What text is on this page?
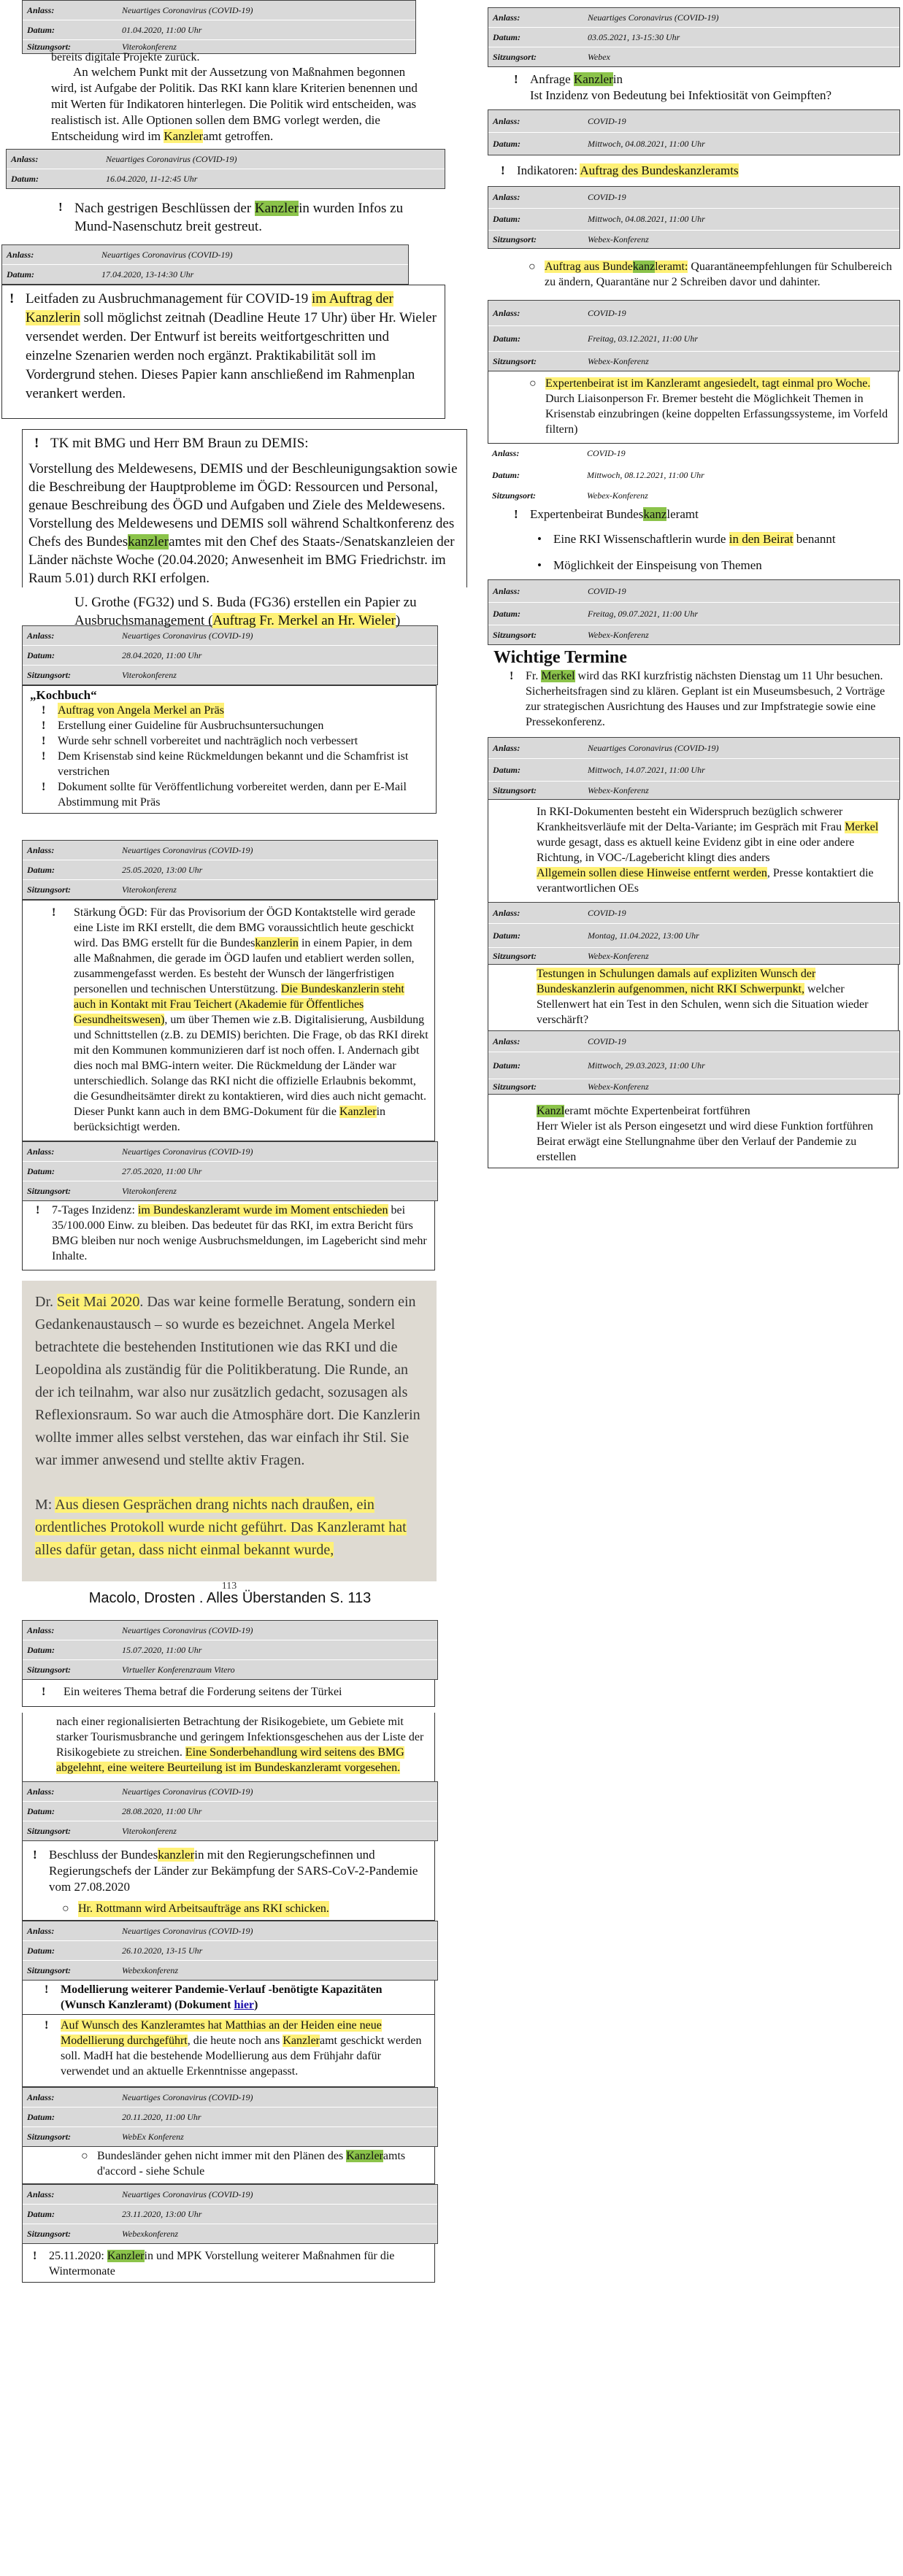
Anlass:	Neuartiges Coronavirus (COVID-19)
Datum:	01.04.2020, 11:00 Uhr
Sitzungsort:	Viterokonferenz
bereits digitale Projekte zurück.
An welchem Punkt mit der Aussetzung von Maßnahmen begonnen wird, ist Aufgabe der Politik. Das RKI kann klare Kriterien benennen und mit Werten für Indikatoren hinterlegen. Die Politik wird entscheiden, was realistisch ist. Alle Optionen sollen dem BMG vorlegt werden, die Entscheidung wird im Kanzleramt getroffen.
Anlass:	Neuartiges Coronavirus (COVID-19)
Datum:	16.04.2020, 11-12:45 Uhr
! Nach gestrigen Beschlüssen der Kanzlerin wurden Infos zu Mund-Nasenschutz breit gestreut.
Anlass:	Neuartiges Coronavirus (COVID-19)
Datum:	17.04.2020, 13-14:30 Uhr
! Leitfaden zu Ausbruchmanagement für COVID-19 im Auftrag der Kanzlerin soll möglichst zeitnah (Deadline Heute 17 Uhr) über Hr. Wieler versendet werden. Der Entwurf ist bereits weitfortgeschritten und einzelne Szenarien werden noch ergänzt. Praktikabilität soll im Vordergrund stehen. Dieses Papier kann anschließend im Rahmenplan verankert werden.
! TK mit BMG und Herr BM Braun zu DEMIS:
Vorstellung des Meldewesens, DEMIS und der Beschleunigungsaktion sowie die Beschreibung der Hauptprobleme im ÖGD: Ressourcen und Personal, genaue Beschreibung des ÖGD und Aufgaben und Ziele des Meldewesens. Vorstellung des Meldewesens und DEMIS soll während Schaltkonferenz des Chefs des Bundeskanzleramtes mit den Chef des Staats-/Senatskanzleien der Länder nächste Woche (20.04.2020; Anwesenheit im BMG Friedrichstr. im Raum 5.01) durch RKI erfolgen.
U. Grothe (FG32) und S. Buda (FG36) erstellen ein Papier zu Ausbruchsmanagement (Auftrag Fr. Merkel an Hr. Wieler)
Anlass:	Neuartiges Coronavirus (COVID-19)
Datum:	28.04.2020, 11:00 Uhr
Sitzungsort:	Viterokonferenz
„Kochbuch“
!	Auftrag von Angela Merkel an Präs
!	Erstellung einer Guideline für Ausbruchsuntersuchungen
!	Wurde sehr schnell vorbereitet und nachträglich noch verbessert
!	Dem Krisenstab sind keine Rückmeldungen bekannt und die Schamfrist ist verstrichen
!	Dokument sollte für Veröffentlichung vorbereitet werden, dann per E-Mail Abstimmung mit Präs
Anlass:	Neuartiges Coronavirus (COVID-19)
Datum:	25.05.2020, 13:00 Uhr
Sitzungsort:	Viterokonferenz
!	Stärkung ÖGD: Für das Provisorium der ÖGD Kontaktstelle wird gerade eine Liste im RKI erstellt, die dem BMG voraussichtlich heute geschickt wird. Das BMG erstellt für die Bundeskanzlerin in einem Papier, in dem alle Maßnahmen, die gerade im ÖGD laufen und etabliert werden sollen, zusammengefasst werden. Es besteht der Wunsch der längerfristigen personellen und technischen Unterstützung. Die Bundeskanzlerin steht auch in Kontakt mit Frau Teichert (Akademie für Öffentliches Gesundheitswesen), um über Themen wie z.B. Digitalisierung, Ausbildung und Schnittstellen (z.B. zu DEMIS) berichten. Die Frage, ob das RKI direkt mit den Kommunen kommunizieren darf ist noch offen. I. Andernach gibt dies noch mal BMG-intern weiter. Die Rückmeldung der Länder war unterschiedlich. Solange das RKI nicht die offizielle Erlaubnis bekommt, die Gesundheitsämter direkt zu kontaktieren, wird dies auch nicht gemacht. Dieser Punkt kann auch in dem BMG-Dokument für die Kanzlerin berücksichtigt werden.
Anlass:	Neuartiges Coronavirus (COVID-19)
Datum:	27.05.2020, 11:00 Uhr
Sitzungsort:	Viterokonferenz
!	7-Tages Inzidenz: im Bundeskanzleramt wurde im Moment entschieden bei 35/100.000 Einw. zu bleiben. Das bedeutet für das RKI, im extra Bericht fürs BMG bleiben nur noch wenige Ausbruchsmeldungen, im Lagebericht sind mehr Inhalte.
Dr. Seit Mai 2020. Das war keine formelle Beratung, sondern ein Gedankenaustausch – so wurde es bezeichnet. Angela Merkel betrachtete die bestehenden Institutionen wie das RKI und die Leopoldina als zuständig für die Politikberatung. Die Runde, an der ich teilnahm, war also nur zusätzlich gedacht, sozusagen als Reflexionsraum. So war auch die Atmosphäre dort. Die Kanzlerin wollte immer alles selbst verstehen, das war einfach ihr Stil. Sie war immer anwesend und stellte aktiv Fragen.
M: Aus diesen Gesprächen drang nichts nach draußen, ein ordentliches Protokoll wurde nicht geführt. Das Kanzleramt hat alles dafür getan, dass nicht einmal bekannt wurde,
113
Macolo, Drosten . Alles Überstanden S. 113
Anlass:	Neuartiges Coronavirus (COVID-19)
Datum:	15.07.2020, 11:00 Uhr
Sitzungsort:	Virtueller Konferenzraum Vitero
!	Ein weiteres Thema betraf die Forderung seitens der Türkei
nach einer regionalisierten Betrachtung der Risikogebiete, um Gebiete mit starker Tourismusbranche und geringem Infektionsgeschehen aus der Liste der Risikogebiete zu streichen. Eine Sonderbehandlung wird seitens des BMG abgelehnt, eine weitere Beurteilung ist im Bundeskanzleramt vorgesehen.
Anlass:	Neuartiges Coronavirus (COVID-19)
Datum:	28.08.2020, 11:00 Uhr
Sitzungsort:	Viterokonferenz
! Beschluss der Bundeskanzlerin mit den Regierungschefinnen und Regierungschefs der Länder zur Bekämpfung der SARS-CoV-2-Pandemie vom 27.08.2020
○ Hr. Rottmann wird Arbeitsaufträge ans RKI schicken.
Anlass:	Neuartiges Coronavirus (COVID-19)
Datum:	26.10.2020, 13-15 Uhr
Sitzungsort:	Webexkonferenz
!	Modellierung weiterer Pandemie-Verlauf -benötigte Kapazitäten (Wunsch Kanzleramt) (Dokument hier)
!	Auf Wunsch des Kanzleramtes hat Matthias an der Heiden eine neue Modellierung durchgeführt, die heute noch ans Kanzleramt geschickt werden soll. MadH hat die bestehende Modellierung aus dem Frühjahr dafür verwendet und an aktuelle Erkenntnisse angepasst.
Anlass:	Neuartiges Coronavirus (COVID-19)
Datum:	20.11.2020, 11:00 Uhr
Sitzungsort:	WebEx Konferenz
○ Bundesländer gehen nicht immer mit den Plänen des Kanzleramts d'accord - siehe Schule
Anlass:	Neuartiges Coronavirus (COVID-19)
Datum:	23.11.2020, 13:00 Uhr
Sitzungsort:	Webexkonferenz
!	25.11.2020: Kanzlerin und MPK Vorstellung weiterer Maßnahmen für die Wintermonate
Anlass:	Neuartiges Coronavirus (COVID-19)
Datum:	03.05.2021, 13-15:30 Uhr
Sitzungsort:	Webex
! Anfrage Kanzlerin
Ist Inzidenz von Bedeutung bei Infektiosität von Geimpften?
Anlass:	COVID-19
Datum:	Mittwoch, 04.08.2021, 11:00 Uhr
! Indikatoren: Auftrag des Bundeskanzleramts
Anlass:	COVID-19
Datum:	Mittwoch, 04.08.2021, 11:00 Uhr
Sitzungsort:	Webex-Konferenz
○ Auftrag aus Bundekanzleramt: Quarantäneempfehlungen für Schulbereich zu ändern, Quarantäne nur 2 Schreiben davor und dahinter.
Anlass:	COVID-19
Datum:	Freitag, 03.12.2021, 11:00 Uhr
Sitzungsort:	Webex-Konferenz
○ Expertenbeirat ist im Kanzleramt angesiedelt, tagt einmal pro Woche. Durch Liaisonperson Fr. Bremer besteht die Möglichkeit Themen in Krisenstab einzubringen (keine doppelten Erfassungssysteme, im Vorfeld filtern)
Anlass:	COVID-19
Datum:	Mittwoch, 08.12.2021, 11:00 Uhr
Sitzungsort:	Webex-Konferenz
! Expertenbeirat Bundeskanzleramt
• Eine RKI Wissenschaftlerin wurde in den Beirat benannt
• Möglichkeit der Einspeisung von Themen
Anlass:	COVID-19
Datum:	Freitag, 09.07.2021, 11:00 Uhr
Sitzungsort:	Webex-Konferenz
Wichtige Termine
!	Fr. Merkel wird das RKI kurzfristig nächsten Dienstag um 11 Uhr besuchen. Sicherheitsfragen sind zu klären. Geplant ist ein Museumsbesuch, 2 Vorträge zur strategischen Ausrichtung des Hauses und zur Impfstrategie sowie eine Pressekonferenz.
Anlass:	Neuartiges Coronavirus (COVID-19)
Datum:	Mittwoch, 14.07.2021, 11:00 Uhr
Sitzungsort:	Webex-Konferenz
In RKI-Dokumenten besteht ein Widerspruch bezüglich schwerer Krankheitsverläufe mit der Delta-Variante; im Gespräch mit Frau Merkel wurde gesagt, dass es aktuell keine Evidenz gibt in eine oder andere Richtung, in VOC-/Lagebericht klingt dies anders
Allgemein sollen diese Hinweise entfernt werden, Presse kontaktiert die verantwortlichen OEs
Anlass:	COVID-19
Datum:	Montag, 11.04.2022, 13:00 Uhr
Sitzungsort:	Webex-Konferenz
Testungen in Schulungen damals auf expliziten Wunsch der Bundeskanzlerin aufgenommen, nicht RKI Schwerpunkt, welcher Stellenwert hat ein Test in den Schulen, wenn sich die Situation wieder verschärft?
Anlass:	COVID-19
Datum:	Mittwoch, 29.03.2023, 11:00 Uhr
Sitzungsort:	Webex-Konferenz
Kanzleramt möchte Expertenbeirat fortführen
Herr Wieler ist als Person eingesetzt und wird diese Funktion fortführen
Beirat erwägt eine Stellungnahme über den Verlauf der Pandemie zu erstellen
